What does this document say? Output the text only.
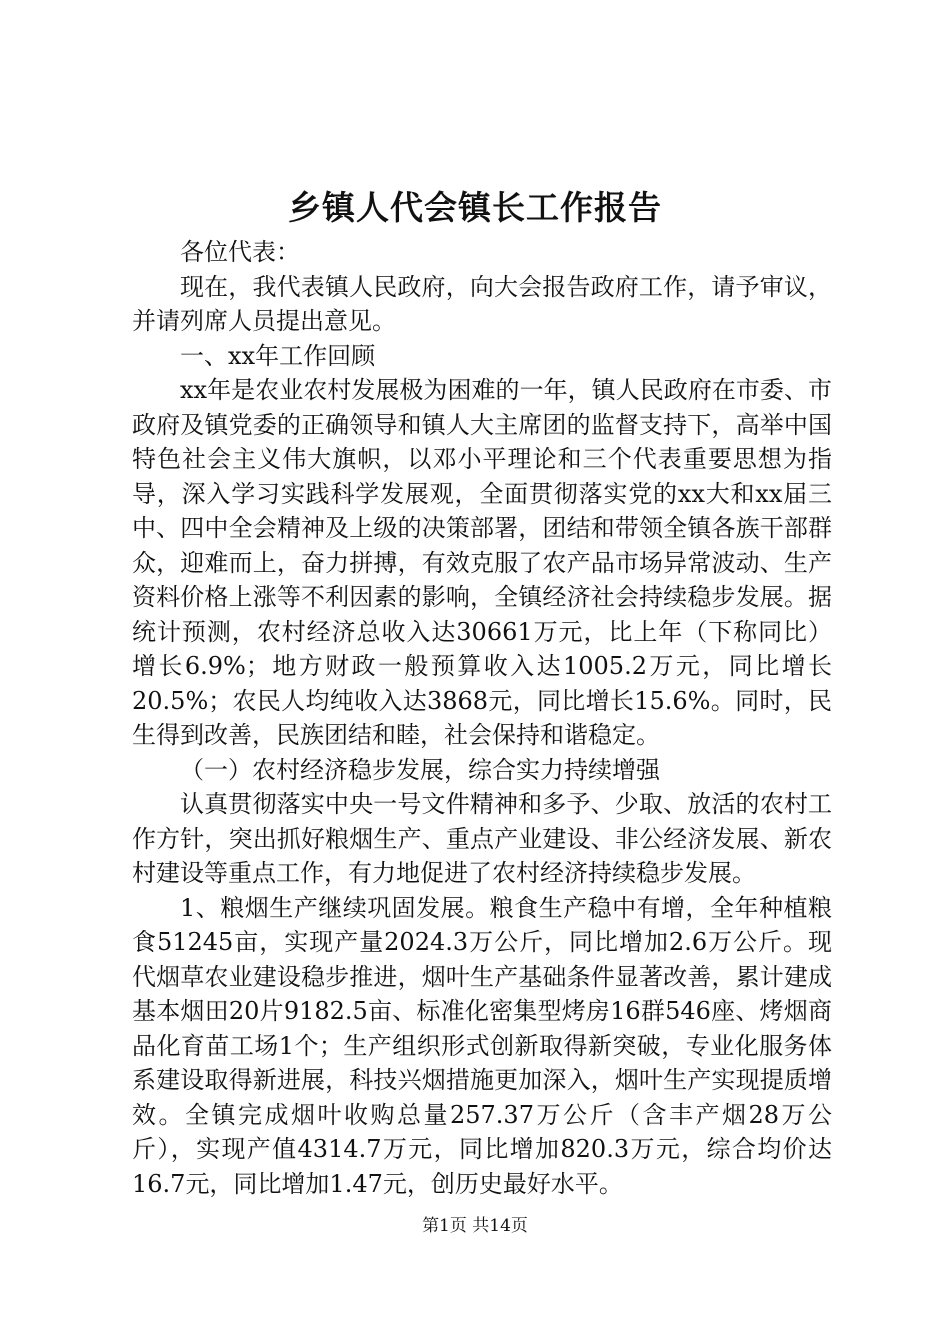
乡镇人代会镇长工作报告

各位代表：

现在，我代表镇人民政府，向大会报告政府工作，请予审议，并请列席人员提出意见。

一、xx年工作回顾

xx年是农业农村发展极为困难的一年，镇人民政府在市委、市政府及镇党委的正确领导和镇人大主席团的监督支持下，高举中国特色社会主义伟大旗帜，以邓小平理论和三个代表重要思想为指导，深入学习实践科学发展观，全面贯彻落实党的xx大和xx届三中、四中全会精神及上级的决策部署，团结和带领全镇各族干部群众，迎难而上，奋力拼搏，有效克服了农产品市场异常波动、生产资料价格上涨等不利因素的影响，全镇经济社会持续稳步发展。据统计预测，农村经济总收入达30661万元，比上年（下称同比）增长6.9%；地方财政一般预算收入达1005.2万元，同比增长20.5%；农民人均纯收入达3868元，同比增长15.6%。同时，民生得到改善，民族团结和睦，社会保持和谐稳定。

（一）农村经济稳步发展，综合实力持续增强

认真贯彻落实中央一号文件精神和多予、少取、放活的农村工作方针，突出抓好粮烟生产、重点产业建设、非公经济发展、新农村建设等重点工作，有力地促进了农村经济持续稳步发展。

1、粮烟生产继续巩固发展。粮食生产稳中有增，全年种植粮食51245亩，实现产量2024.3万公斤，同比增加2.6万公斤。现代烟草农业建设稳步推进，烟叶生产基础条件显著改善，累计建成基本烟田20片9182.5亩、标准化密集型烤房16群546座、烤烟商品化育苗工场1个；生产组织形式创新取得新突破，专业化服务体系建设取得新进展，科技兴烟措施更加深入，烟叶生产实现提质增效。全镇完成烟叶收购总量257.37万公斤（含丰产烟28万公斤），实现产值4314.7万元，同比增加820.3万元，综合均价达16.7元，同比增加1.47元，创历史最好水平。

第1页 共14页
